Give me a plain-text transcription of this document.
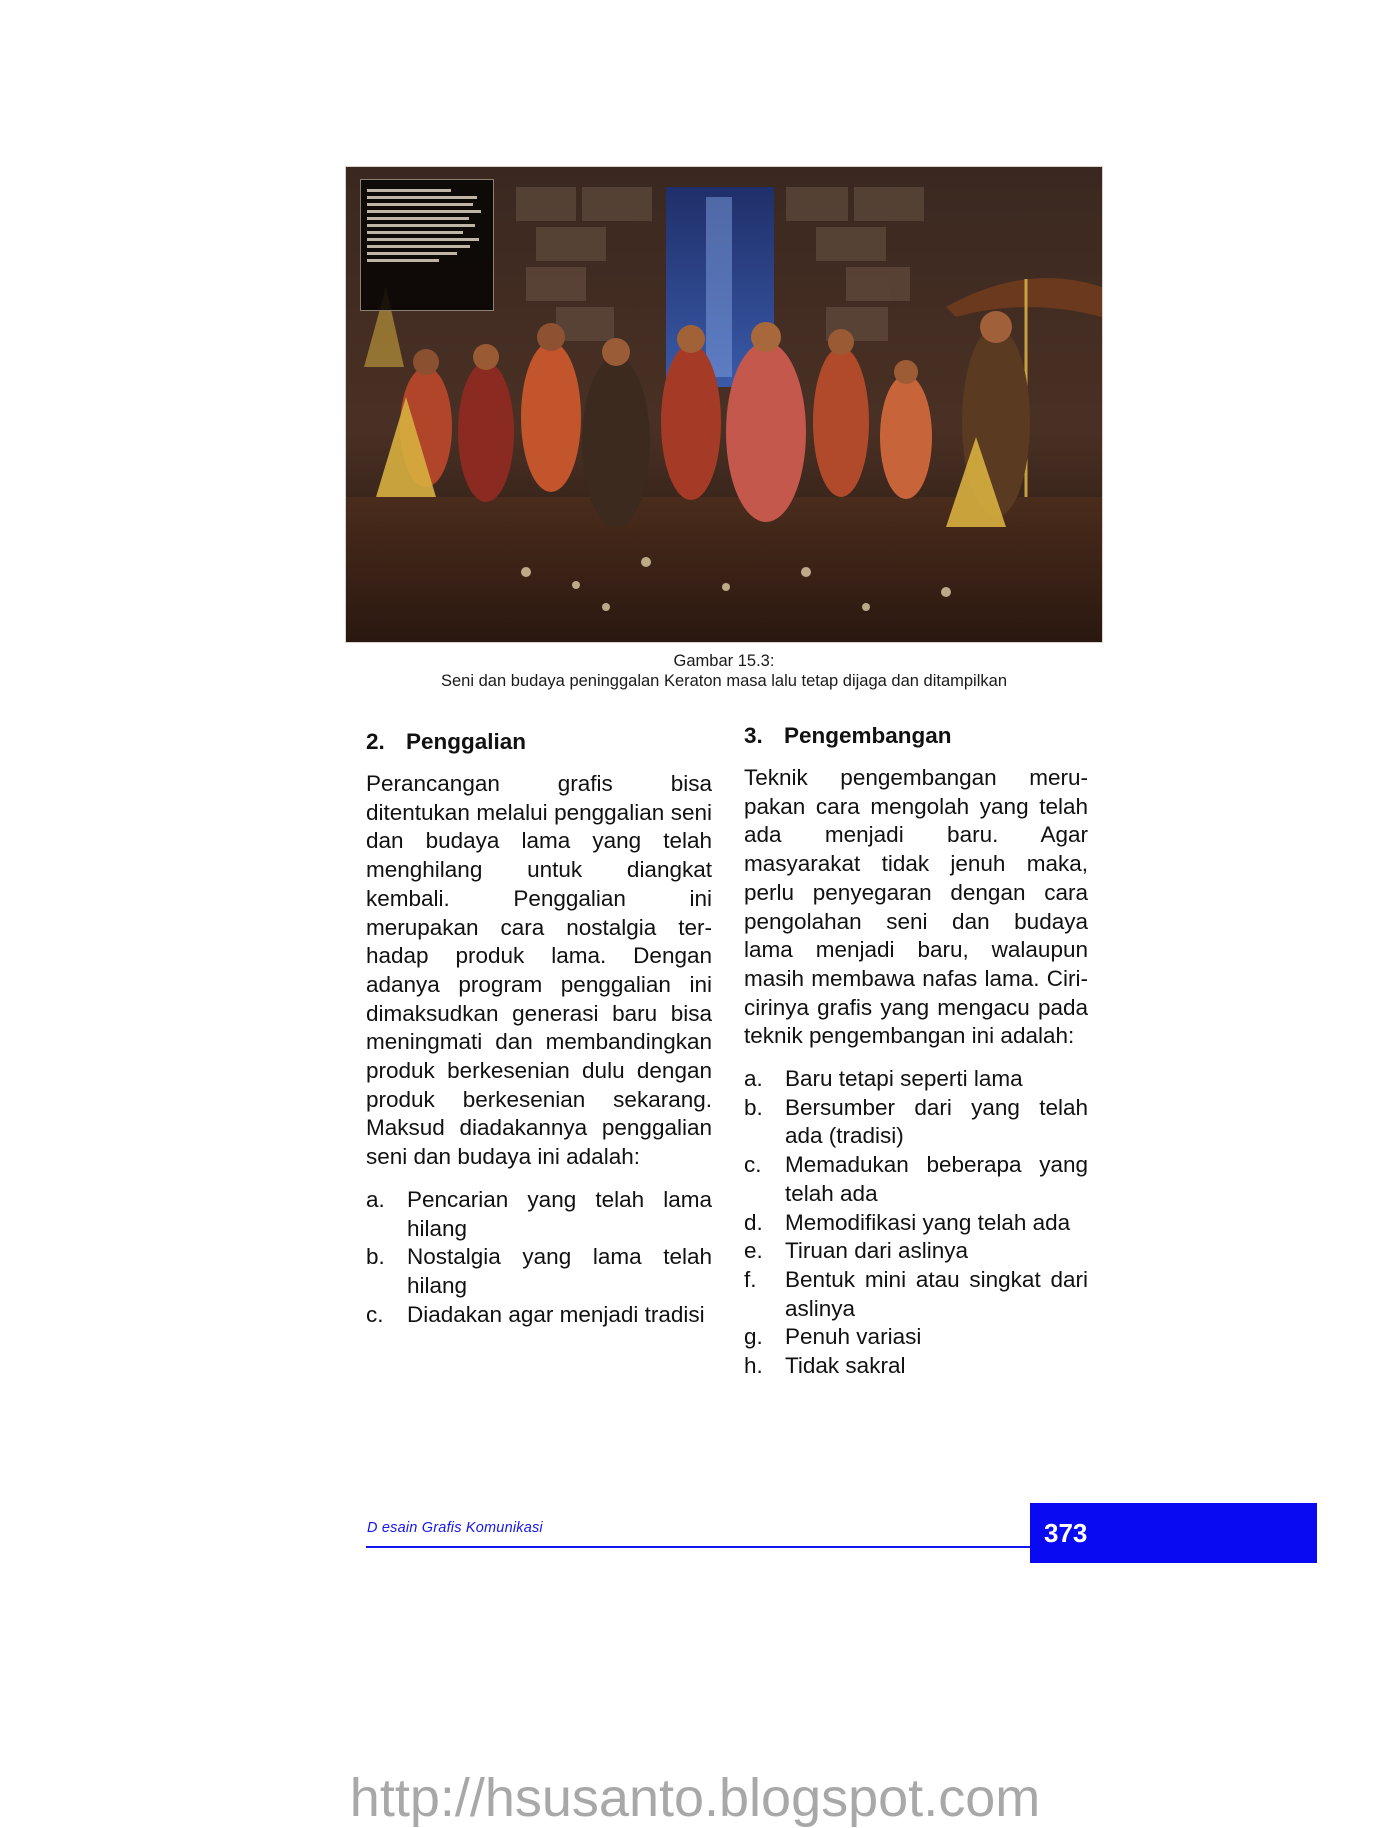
Gambar 15.3:
Seni dan budaya peninggalan Keraton masa lalu tetap dijaga dan ditampilkan
2. Penggalian

Perancangan grafis bisa ditentukan melalui penggalian seni dan budaya lama yang telah menghilang untuk diangkat kembali. Penggalian ini merupakan cara nostalgia terhadap produk lama. Dengan adanya program penggalian ini dimaksudkan generasi baru bisa meningmati dan membandingkan produk berkesenian dulu dengan produk berkesenian sekarang. Maksud diadakannya penggalian seni dan budaya ini adalah:

a. Pencarian yang telah lama hilang
b. Nostalgia yang lama telah hilang
c.	Diadakan agar menjadi tradisi
3. Pengembangan

Teknik pengembangan merupakan cara mengolah yang telah ada menjadi baru. Agar masyarakat tidak jenuh maka, perlu penyegaran dengan cara pengolahan seni dan budaya lama menjadi baru, walaupun masih membawa nafas lama. Ciri-cirinya grafis yang mengacu pada teknik pengembangan ini adalah:

a. Baru tetapi seperti lama
b. Bersumber dari yang telah ada (tradisi)
c.	Memadukan beberapa yang telah ada
d. Memodifikasi yang telah ada
e. Tiruan dari aslinya
f.	Bentuk mini atau singkat dari aslinya
g. Penuh variasi
h. Tidak sakral
D esain Grafis Komunikasi	373
http://hsusanto.blogspot.com
